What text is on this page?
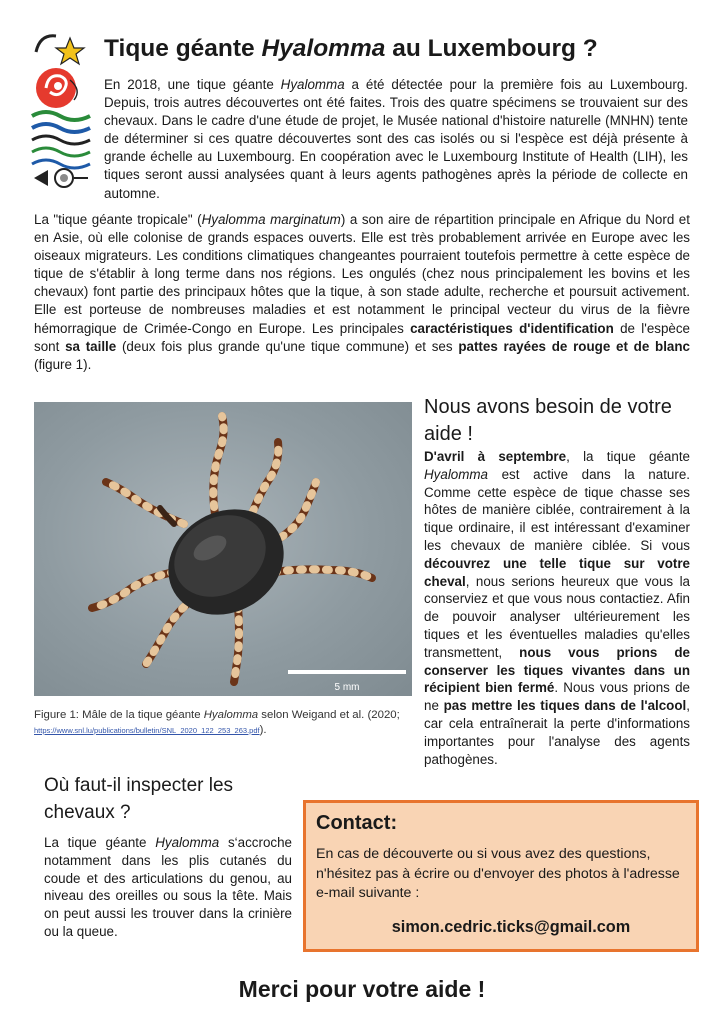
Tique géante Hyalomma au Luxembourg ?

En 2018, une tique géante Hyalomma a été détectée pour la première fois au Luxembourg. Depuis, trois autres découvertes ont été faites. Trois des quatre spécimens se trouvaient sur des chevaux. Dans le cadre d'une étude de projet, le Musée national d'histoire naturelle (MNHN) tente de déterminer si ces quatre découvertes sont des cas isolés ou si l'espèce est déjà présente à grande échelle au Luxembourg. En coopération avec le Luxembourg Institute of Health (LIH), les tiques seront aussi analysées quant à leurs agents pathogènes après la période de collecte en automne.

La "tique géante tropicale" (Hyalomma marginatum) a son aire de répartition principale en Afrique du Nord et en Asie, où elle colonise de grands espaces ouverts. Elle est très probablement arrivée en Europe avec les oiseaux migrateurs. Les conditions climatiques changeantes pourraient toutefois permettre à cette espèce de tique de s'établir à long terme dans nos régions. Les ongulés (chez nous principalement les bovins et les chevaux) font partie des principaux hôtes que la tique, à son stade adulte, recherche et poursuit activement. Elle est porteuse de nombreuses maladies et est notamment le principal vecteur du virus de la fièvre hémorragique de Crimée-Congo en Europe. Les principales caractéristiques d'identification de l'espèce sont sa taille (deux fois plus grande qu'une tique commune) et ses pattes rayées de rouge et de blanc (figure 1).

5 mm

Figure 1: Mâle de la tique géante Hyalomma selon Weigand et al. (2020; https://www.snl.lu/publications/bulletin/SNL_2020_122_253_263.pdf).

Nous avons besoin de votre aide !

D'avril à septembre, la tique géante Hyalomma est active dans la nature. Comme cette espèce de tique chasse ses hôtes de manière ciblée, contrairement à la tique ordinaire, il est intéressant d'examiner les chevaux de manière ciblée. Si vous découvrez une telle tique sur votre cheval, nous serions heureux que vous la conserviez et que vous nous contactiez. Afin de pouvoir analyser ultérieurement les tiques et les éventuelles maladies qu'elles transmettent, nous vous prions de conserver les tiques vivantes dans un récipient bien fermé. Nous vous prions de ne pas mettre les tiques dans de l'alcool, car cela entraînerait la perte d'informations importantes pour l'analyse des agents pathogènes.

Où faut-il inspecter les chevaux ?

La tique géante Hyalomma s‘accroche notamment dans les plis cutanés du coude et des articulations du genou, au niveau des oreilles ou sous la tête. Mais on peut aussi les trouver dans la crinière ou la queue.

Contact:

En cas de découverte ou si vous avez des questions, n'hésitez pas à écrire ou d'envoyer des photos à l'adresse e-mail suivante :

simon.cedric.ticks@gmail.com

Merci pour votre aide !
